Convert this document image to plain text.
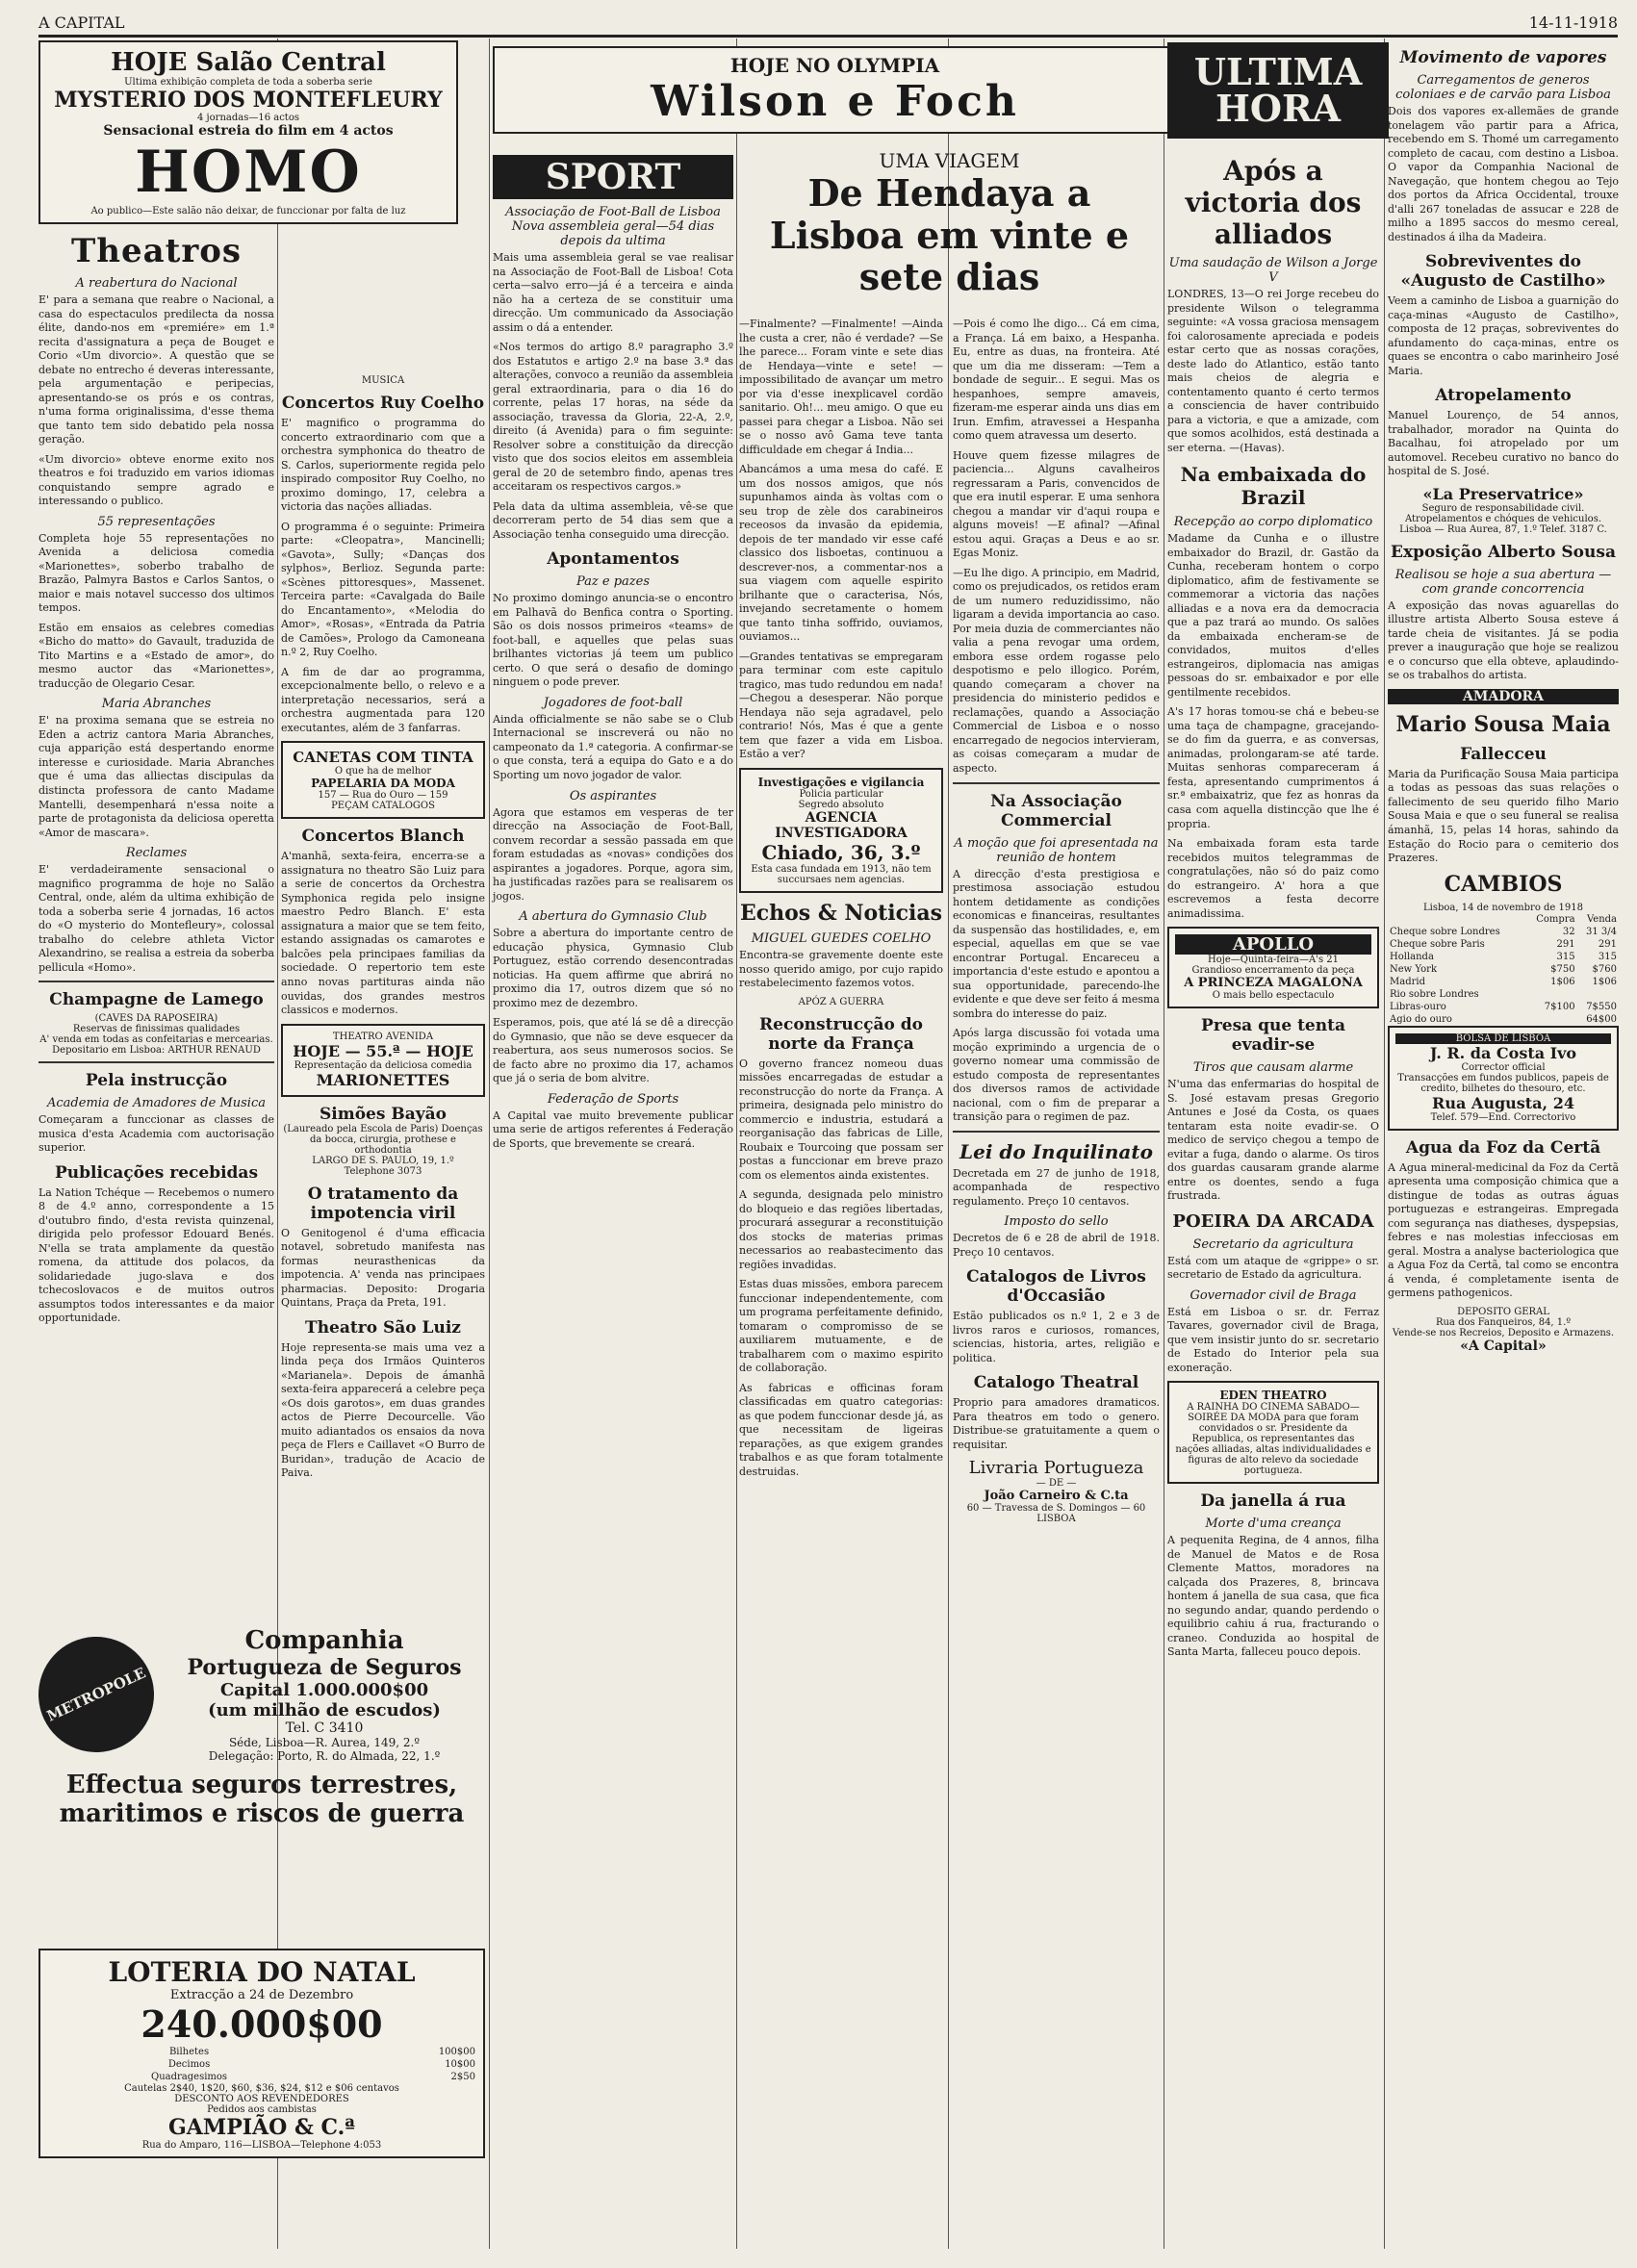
A CAPITAL	14-11-1918
HOJE Salão Central
Ultima exhibição completa de toda a soberba serie
MYSTERIO DOS MONTEFLEURY
4 jornadas—16 actos
Sensacional estreia do film em 4 actos
HOMO
Ao publico—Este salão não deixar, de funccionar por falta de luz
Theatros
A reabertura do Nacional

E' para a semana que reabre o Nacional, a casa do espectaculos predilecta da nossa élite, dando-nos em «premiére» em 1.ª recita d'assignatura a peça de Bouget e Corio «Um divorcio». A questão que se debate no entrecho é deveras interessante, pela argumentação e peripecias, apresentando-se os prós e os contras, n'uma forma originalissima, d'esse thema que tanto tem sido debatido pela nossa geração.

«Um divorcio» obteve enorme exito nos theatros e foi traduzido em varios idiomas conquistando sempre agrado e interessando o publico.

55 representações

Completa hoje 55 representações no Avenida a deliciosa comedia «Marionettes», soberbo trabalho de Brazão, Palmyra Bastos e Carlos Santos, o maior e mais notavel successo dos ultimos tempos.

Estão em ensaios as celebres comedias «Bicho do matto» do Gavault, traduzida de Tito Martins e a «Estado de amor», do mesmo auctor das «Marionettes», traducção de Olegario Cesar.

Maria Abranches

E' na proxima semana que se estreia no Eden a actriz cantora Maria Abranches, cuja apparição está despertando enorme interesse e curiosidade. Maria Abranches que é uma das alliectas discipulas da distincta professora de canto Madame Mantelli, desempenhará n'essa noite a parte de protagonista da deliciosa operetta «Amor de mascara».

Reclames

E' verdadeiramente sensacional o magnifico programma de hoje no Salão Central, onde, além da ultima exhibição de toda a soberba serie 4 jornadas, 16 actos do «O mysterio do Montefleury», colossal trabalho do celebre athleta Victor Alexandrino, se realisa a estreia da soberba pellicula «Homo».

Champagne de Lamego
(CAVES DA RAPOSEIRA)
Reservas de finissimas qualidades
A' venda em todas as confeitarias e mercearias.
Depositario em Lisboa: ARTHUR RENAUD
Pela instrucção
Academia de Amadores de Musica

Começaram a funccionar as classes de musica d'esta Academia com auctorisação superior.

Publicações recebidas

La Nation Tchéque — Recebemos o numero 8 de 4.º anno, correspondente a 15 d'outubro findo, d'esta revista quinzenal, dirigida pelo professor Edouard Benés. N'ella se trata amplamente da questão romena, da attitude dos polacos, da solidariedade jugo-slava e dos tchecoslovacos e de muitos outros assumptos todos interessantes e da maior opportunidade.

MUSICA
Concertos Ruy Coelho

E' magnifico o programma do concerto extraordinario com que a orchestra symphonica do theatro de S. Carlos, superiormente regida pelo inspirado compositor Ruy Coelho, no proximo domingo, 17, celebra a victoria das nações alliadas.

O programma é o seguinte: Primeira parte: «Cleopatra», Mancinelli; «Gavota», Sully; «Danças dos sylphos», Berlioz. Segunda parte: «Scènes pittoresques», Massenet. Terceira parte: «Cavalgada do Baile do Encantamento», «Melodia do Amor», «Rosas», «Entrada da Patria de Camões», Prologo da Camoneana n.º 2, Ruy Coelho.

A fim de dar ao programma, excepcionalmente bello, o relevo e a interpretação necessarios, será a orchestra augmentada para 120 executantes, além de 3 fanfarras.

CANETAS COM TINTA
O que ha de melhor
PAPELARIA DA MODA
157 — Rua do Ouro — 159
PEÇAM CATALOGOS
Concertos Blanch

A'manhã, sexta-feira, encerra-se a assignatura no theatro São Luiz para a serie de concertos da Orchestra Symphonica regida pelo insigne maestro Pedro Blanch. E' esta assignatura a maior que se tem feito, estando assignadas os camarotes e balcões pela principaes familias da sociedade. O repertorio tem este anno novas partituras ainda não ouvidas, dos grandes mestros classicos e modernos.

THEATRO AVENIDA
HOJE — 55.ª — HOJE
Representação da deliciosa comedia
MARIONETTES
Simões Bayão
(Laureado pela Escola de Paris) Doenças da bocca, cirurgia, prothese e orthodontia
LARGO DE S. PAULO, 19, 1.º
Telephone 3073
O tratamento da impotencia viril

O Genitogenol é d'uma efficacia notavel, sobretudo manifesta nas formas neurasthenicas da impotencia. A' venda nas principaes pharmacias. Deposito: Drogaria Quintans, Praça da Preta, 191.

Theatro São Luiz

Hoje representa-se mais uma vez a linda peça dos Irmãos Quinteros «Marianela». Depois de ámanhã sexta-feira apparecerá a celebre peça «Os dois garotos», em duas grandes actos de Pierre Decourcelle. Vão muito adiantados os ensaios da nova peça de Flers e Caillavet «O Burro de Buridan», tradução de Acacio de Paiva.

METROPOLE
Companhia
Portugueza de Seguros
Capital 1.000.000$00
(um milhão de escudos)
Tel. C 3410
Séde, Lisboa—R. Aurea, 149, 2.º
Delegação: Porto, R. do Almada, 22, 1.º
Effectua seguros terrestres, maritimos e riscos de guerra
LOTERIA DO NATAL
Extracção a 24 de Dezembro
240.000$00
Bilhetes	100$00
Decimos	10$00
Quadragesimos	2$50
Cautelas 2$40, 1$20, $60, $36, $24, $12 e $06 centavos
DESCONTO AOS REVENDEDORES
Pedidos aos cambistas
GAMPIÃO & C.ª
Rua do Amparo, 116—LISBOA—Telephone 4:053
HOJE NO OLYMPIA
Wilson e Foch
SPORT
Associação de Foot-Ball de Lisboa Nova assembleia geral—54 dias depois da ultima

Mais uma assembleia geral se vae realisar na Associação de Foot-Ball de Lisboa! Cota certa—salvo erro—já é a terceira e ainda não ha a certeza de se constituir uma direcção. Um communicado da Associação assim o dá a entender.

«Nos termos do artigo 8.º paragrapho 3.º dos Estatutos e artigo 2.º na base 3.ª das alterações, convoco a reunião da assembleia geral extraordinaria, para o dia 16 do corrente, pelas 17 horas, na séde da associação, travessa da Gloria, 22-A, 2.º, direito (á Avenida) para o fim seguinte: Resolver sobre a constituição da direcção visto que dos socios eleitos em assembleia geral de 20 de setembro findo, apenas tres acceitaram os respectivos cargos.»

Pela data da ultima assembleia, vê-se que decorreram perto de 54 dias sem que a Associação tenha conseguido uma direcção.

Apontamentos
Paz e pazes

No proximo domingo anuncia-se o encontro em Palhavã do Benfica contra o Sporting. São os dois nossos primeiros «teams» de foot-ball, e aquelles que pelas suas brilhantes victorias já teem um publico certo. O que será o desafio de domingo ninguem o pode prever.

Jogadores de foot-ball

Ainda officialmente se não sabe se o Club Internacional se inscreverá ou não no campeonato da 1.ª categoria. A confirmar-se o que consta, terá a equipa do Gato e a do Sporting um novo jogador de valor.

Os aspirantes

Agora que estamos em vesperas de ter direcção na Associação de Foot-Ball, convem recordar a sessão passada em que foram estudadas as «novas» condições dos aspirantes a jogadores. Porque, agora sim, ha justificadas razões para se realisarem os jogos.

A abertura do Gymnasio Club

Sobre a abertura do importante centro de educação physica, Gymnasio Club Portuguez, estão correndo desencontradas noticias. Ha quem affirme que abrirá no proximo dia 17, outros dizem que só no proximo mez de dezembro.

Esperamos, pois, que até lá se dê a direcção do Gymnasio, que não se deve esquecer da reabertura, aos seus numerosos socios. Se de facto abre no proximo dia 17, achamos que já o seria de bom alvitre.

Federação de Sports

A Capital vae muito brevemente publicar uma serie de artigos referentes á Federação de Sports, que brevemente se creará.

UMA VIAGEM
De Hendaya a Lisboa em vinte e sete dias

—Finalmente? —Finalmente! —Ainda lhe custa a crer, não é verdade? —Se lhe parece... Foram vinte e sete dias de Hendaya—vinte e sete! —impossibilitado de avançar um metro por via d'esse inexplicavel cordão sanitario. Oh!... meu amigo. O que eu passei para chegar a Lisboa. Não sei se o nosso avô Gama teve tanta difficuldade em chegar á India...

Abancámos a uma mesa do café. E um dos nossos amigos, que nós supunhamos ainda às voltas com o seu trop de zèle dos carabineiros receosos da invasão da epidemia, depois de ter mandado vir esse café classico dos lisboetas, continuou a descrever-nos, a commentar-nos a sua viagem com aquelle espirito brilhante que o caracterisa, Nós, invejando secretamente o homem que tanto tinha soffrido, ouviamos, ouviamos...

—Grandes tentativas se empregaram para terminar com este capitulo tragico, mas tudo redundou em nada! —Chegou a desesperar. Não porque Hendaya não seja agradavel, pelo contrario! Nós, Mas é que a gente tem que fazer a vida em Lisboa. Estão a ver?

Investigações e vigilancia
Policia particular
Segredo absoluto
AGENCIA INVESTIGADORA
Chiado, 36, 3.º
Esta casa fundada em 1913, não tem succursaes nem agencias.
Echos & Noticias
MIGUEL GUEDES COELHO

Encontra-se gravemente doente este nosso querido amigo, por cujo rapido restabelecimento fazemos votos.

APÓZ A GUERRA
Reconstrucção do norte da França

O governo francez nomeou duas missões encarregadas de estudar a reconstrucção do norte da França. A primeira, designada pelo ministro do commercio e industria, estudará a reorganisação das fabricas de Lille, Roubaix e Tourcoing que possam ser postas a funccionar em breve prazo com os elementos ainda existentes.

A segunda, designada pelo ministro do bloqueio e das regiões libertadas, procurará assegurar a reconstituição dos stocks de materias primas necessarios ao reabastecimento das regiões invadidas.

Estas duas missões, embora parecem funccionar independentemente, com um programa perfeitamente definido, tomaram o compromisso de se auxiliarem mutuamente, e de trabalharem com o maximo espirito de collaboração.

As fabricas e officinas foram classificadas em quatro categorias: as que podem funccionar desde já, as que necessitam de ligeiras reparações, as que exigem grandes trabalhos e as que foram totalmente destruidas.

—Pois é como lhe digo... Cá em cima, a França. Lá em baixo, a Hespanha. Eu, entre as duas, na fronteira. Até que um dia me disseram: —Tem a bondade de seguir... E segui. Mas os hespanhoes, sempre amaveis, fizeram-me esperar ainda uns dias em Irun. Emfim, atravessei a Hespanha como quem atravessa um deserto.

Houve quem fizesse milagres de paciencia... Alguns cavalheiros regressaram a Paris, convencidos de que era inutil esperar. E uma senhora chegou a mandar vir d'aqui roupa e alguns moveis! —E afinal? —Afinal estou aqui. Graças a Deus e ao sr. Egas Moniz.

—Eu lhe digo. A principio, em Madrid, como os prejudicados, os retidos eram de um numero reduzidissimo, não ligaram a devida importancia ao caso. Por meia duzia de commerciantes não valia a pena revogar uma ordem, embora esse ordem rogasse pelo despotismo e pelo illogico. Porém, quando começaram a chover na presidencia do ministerio pedidos e reclamações, quando a Associação Commercial de Lisboa e o nosso encarregado de negocios intervieram, as coisas começaram a mudar de aspecto.

Na Associação Commercial
A moção que foi apresentada na reunião de hontem

A direcção d'esta prestigiosa e prestimosa associação estudou hontem detidamente as condições economicas e financeiras, resultantes da suspensão das hostilidades, e, em especial, aquellas em que se vae encontrar Portugal. Encareceu a importancia d'este estudo e apontou a sua opportunidade, parecendo-lhe evidente e que deve ser feito á mesma sombra do interesse do paiz.

Após larga discussão foi votada uma moção exprimindo a urgencia de o governo nomear uma commissão de estudo composta de representantes dos diversos ramos de actividade nacional, com o fim de preparar a transição para o regimen de paz.

Lei do Inquilinato

Decretada em 27 de junho de 1918, acompanhada de respectivo regulamento. Preço 10 centavos.

Imposto do sello

Decretos de 6 e 28 de abril de 1918. Preço 10 centavos.

Catalogos de Livros d'Occasião

Estão publicados os n.º 1, 2 e 3 de livros raros e curiosos, romances, sciencias, historia, artes, religião e politica.

Catalogo Theatral

Proprio para amadores dramaticos. Para theatros em todo o genero. Distribue-se gratuitamente a quem o requisitar.

Livraria Portugueza
— DE —
João Carneiro & C.ta
60 — Travessa de S. Domingos — 60
LISBOA
ULTIMA HORA
Após a victoria dos alliados
Uma saudação de Wilson a Jorge V

LONDRES, 13—O rei Jorge recebeu do presidente Wilson o telegramma seguinte: «A vossa graciosa mensagem foi calorosamente apreciada e podeis estar certo que as nossas corações, deste lado do Atlantico, estão tanto mais cheios de alegria e contentamento quanto é certo termos a consciencia de haver contribuido para a victoria, e que a amizade, com que somos acolhidos, está destinada a ser eterna. —(Havas).

Na embaixada do Brazil
Recepção ao corpo diplomatico

Madame da Cunha e o illustre embaixador do Brazil, dr. Gastão da Cunha, receberam hontem o corpo diplomatico, afim de festivamente se commemorar a victoria das nações alliadas e a nova era da democracia que a paz trará ao mundo. Os salões da embaixada encheram-se de convidados, muitos d'elles estrangeiros, diplomacia nas amigas pessoas do sr. embaixador e por elle gentilmente recebidos.

A's 17 horas tomou-se chá e bebeu-se uma taça de champagne, gracejando-se do fim da guerra, e as conversas, animadas, prolongaram-se até tarde. Muitas senhoras compareceram á festa, apresentando cumprimentos á sr.ª embaixatriz, que fez as honras da casa com aquella distincção que lhe é propria.

Na embaixada foram esta tarde recebidos muitos telegrammas de congratulações, não só do paiz como do estrangeiro. A' hora a que escrevemos a festa decorre animadissima.

APOLLO
Hoje—Quinta-feira—A's 21
Grandioso encerramento da peça
A PRINCEZA MAGALONA
O mais bello espectaculo
Presa que tenta evadir-se
Tiros que causam alarme

N'uma das enfermarias do hospital de S. José estavam presas Gregorio Antunes e José da Costa, os quaes tentaram esta noite evadir-se. O medico de serviço chegou a tempo de evitar a fuga, dando o alarme. Os tiros dos guardas causaram grande alarme entre os doentes, sendo a fuga frustrada.

POEIRA DA ARCADA
Secretario da agricultura

Está com um ataque de «grippe» o sr. secretario de Estado da agricultura.

Governador civil de Braga

Está em Lisboa o sr. dr. Ferraz Tavares, governador civil de Braga, que vem insistir junto do sr. secretario de Estado do Interior pela sua exoneração.

EDEN THEATRO
A RAINHA DO CINEMA SABADO—SOIRÉE DA MODA para que foram convidados o sr. Presidente da Republica, os representantes das nações alliadas, altas individualidades e figuras de alto relevo da sociedade portugueza.
Da janella á rua
Morte d'uma creança

A pequenita Regina, de 4 annos, filha de Manuel de Matos e de Rosa Clemente Mattos, moradores na calçada dos Prazeres, 8, brincava hontem á janella de sua casa, que fica no segundo andar, quando perdendo o equilibrio cahiu á rua, fracturando o craneo. Conduzida ao hospital de Santa Marta, falleceu pouco depois.

Movimento de vapores
Carregamentos de generos coloniaes e de carvão para Lisboa

Dois dos vapores ex-allemães de grande tonelagem vão partir para a Africa, recebendo em S. Thomé um carregamento completo de cacau, com destino a Lisboa. O vapor da Companhia Nacional de Navegação, que hontem chegou ao Tejo dos portos da Africa Occidental, trouxe d'alli 267 toneladas de assucar e 228 de milho a 1895 saccos do mesmo cereal, destinados á ilha da Madeira.

Sobreviventes do «Augusto de Castilho»

Veem a caminho de Lisboa a guarnição do caça-minas «Augusto de Castilho», composta de 12 praças, sobreviventes do afundamento do caça-minas, entre os quaes se encontra o cabo marinheiro José Maria.

Atropelamento

Manuel Lourenço, de 54 annos, trabalhador, morador na Quinta do Bacalhau, foi atropelado por um automovel. Recebeu curativo no banco do hospital de S. José.

«La Preservatrice»
Seguro de responsabilidade civil. Atropelamentos e chóques de vehiculos.
Lisboa — Rua Aurea, 87, 1.º Telef. 3187 C.
Exposição Alberto Sousa
Realisou se hoje a sua abertura — com grande concorrencia

A exposição das novas aguarellas do illustre artista Alberto Sousa esteve á tarde cheia de visitantes. Já se podia prever a inauguração que hoje se realizou e o concurso que ella obteve, aplaudindo-se os trabalhos do artista.

AMADORA
Mario Sousa Maia
Fallecceu

Maria da Purificação Sousa Maia participa a todas as pessoas das suas relações o fallecimento de seu querido filho Mario Sousa Maia e que o seu funeral se realisa ámanhã, 15, pelas 14 horas, sahindo da Estação do Rocio para o cemiterio dos Prazeres.

CAMBIOS
Lisboa, 14 de novembro de 1918
	Compra	Venda
Cheque sobre Londres	32	31 3/4
Cheque sobre Paris	291	291
Hollanda	315	315
New York	$750	$760
Madrid	1$06	1$06
Rio sobre Londres		
Libras-ouro	7$100	7$550
Agio do ouro		64$00
BOLSA DE LISBOA
J. R. da Costa Ivo
Corrector official
Transacções em fundos publicos, papeis de credito, bilhetes do thesouro, etc.
Rua Augusta, 24
Telef. 579—End. Correctorivo
Agua da Foz da Certã

A Agua mineral-medicinal da Foz da Certã apresenta uma composição chimica que a distingue de todas as outras águas portuguezas e estrangeiras. Empregada com segurança nas diatheses, dyspepsias, febres e nas molestias infecciosas em geral. Mostra a analyse bacteriologica que a Agua Foz da Certã, tal como se encontra á venda, é completamente isenta de germens pathogenicos.

DEPOSITO GERAL
Rua dos Fanqueiros, 84, 1.º
Vende-se nos Recreios, Deposito e Armazens.
«A Capital»
